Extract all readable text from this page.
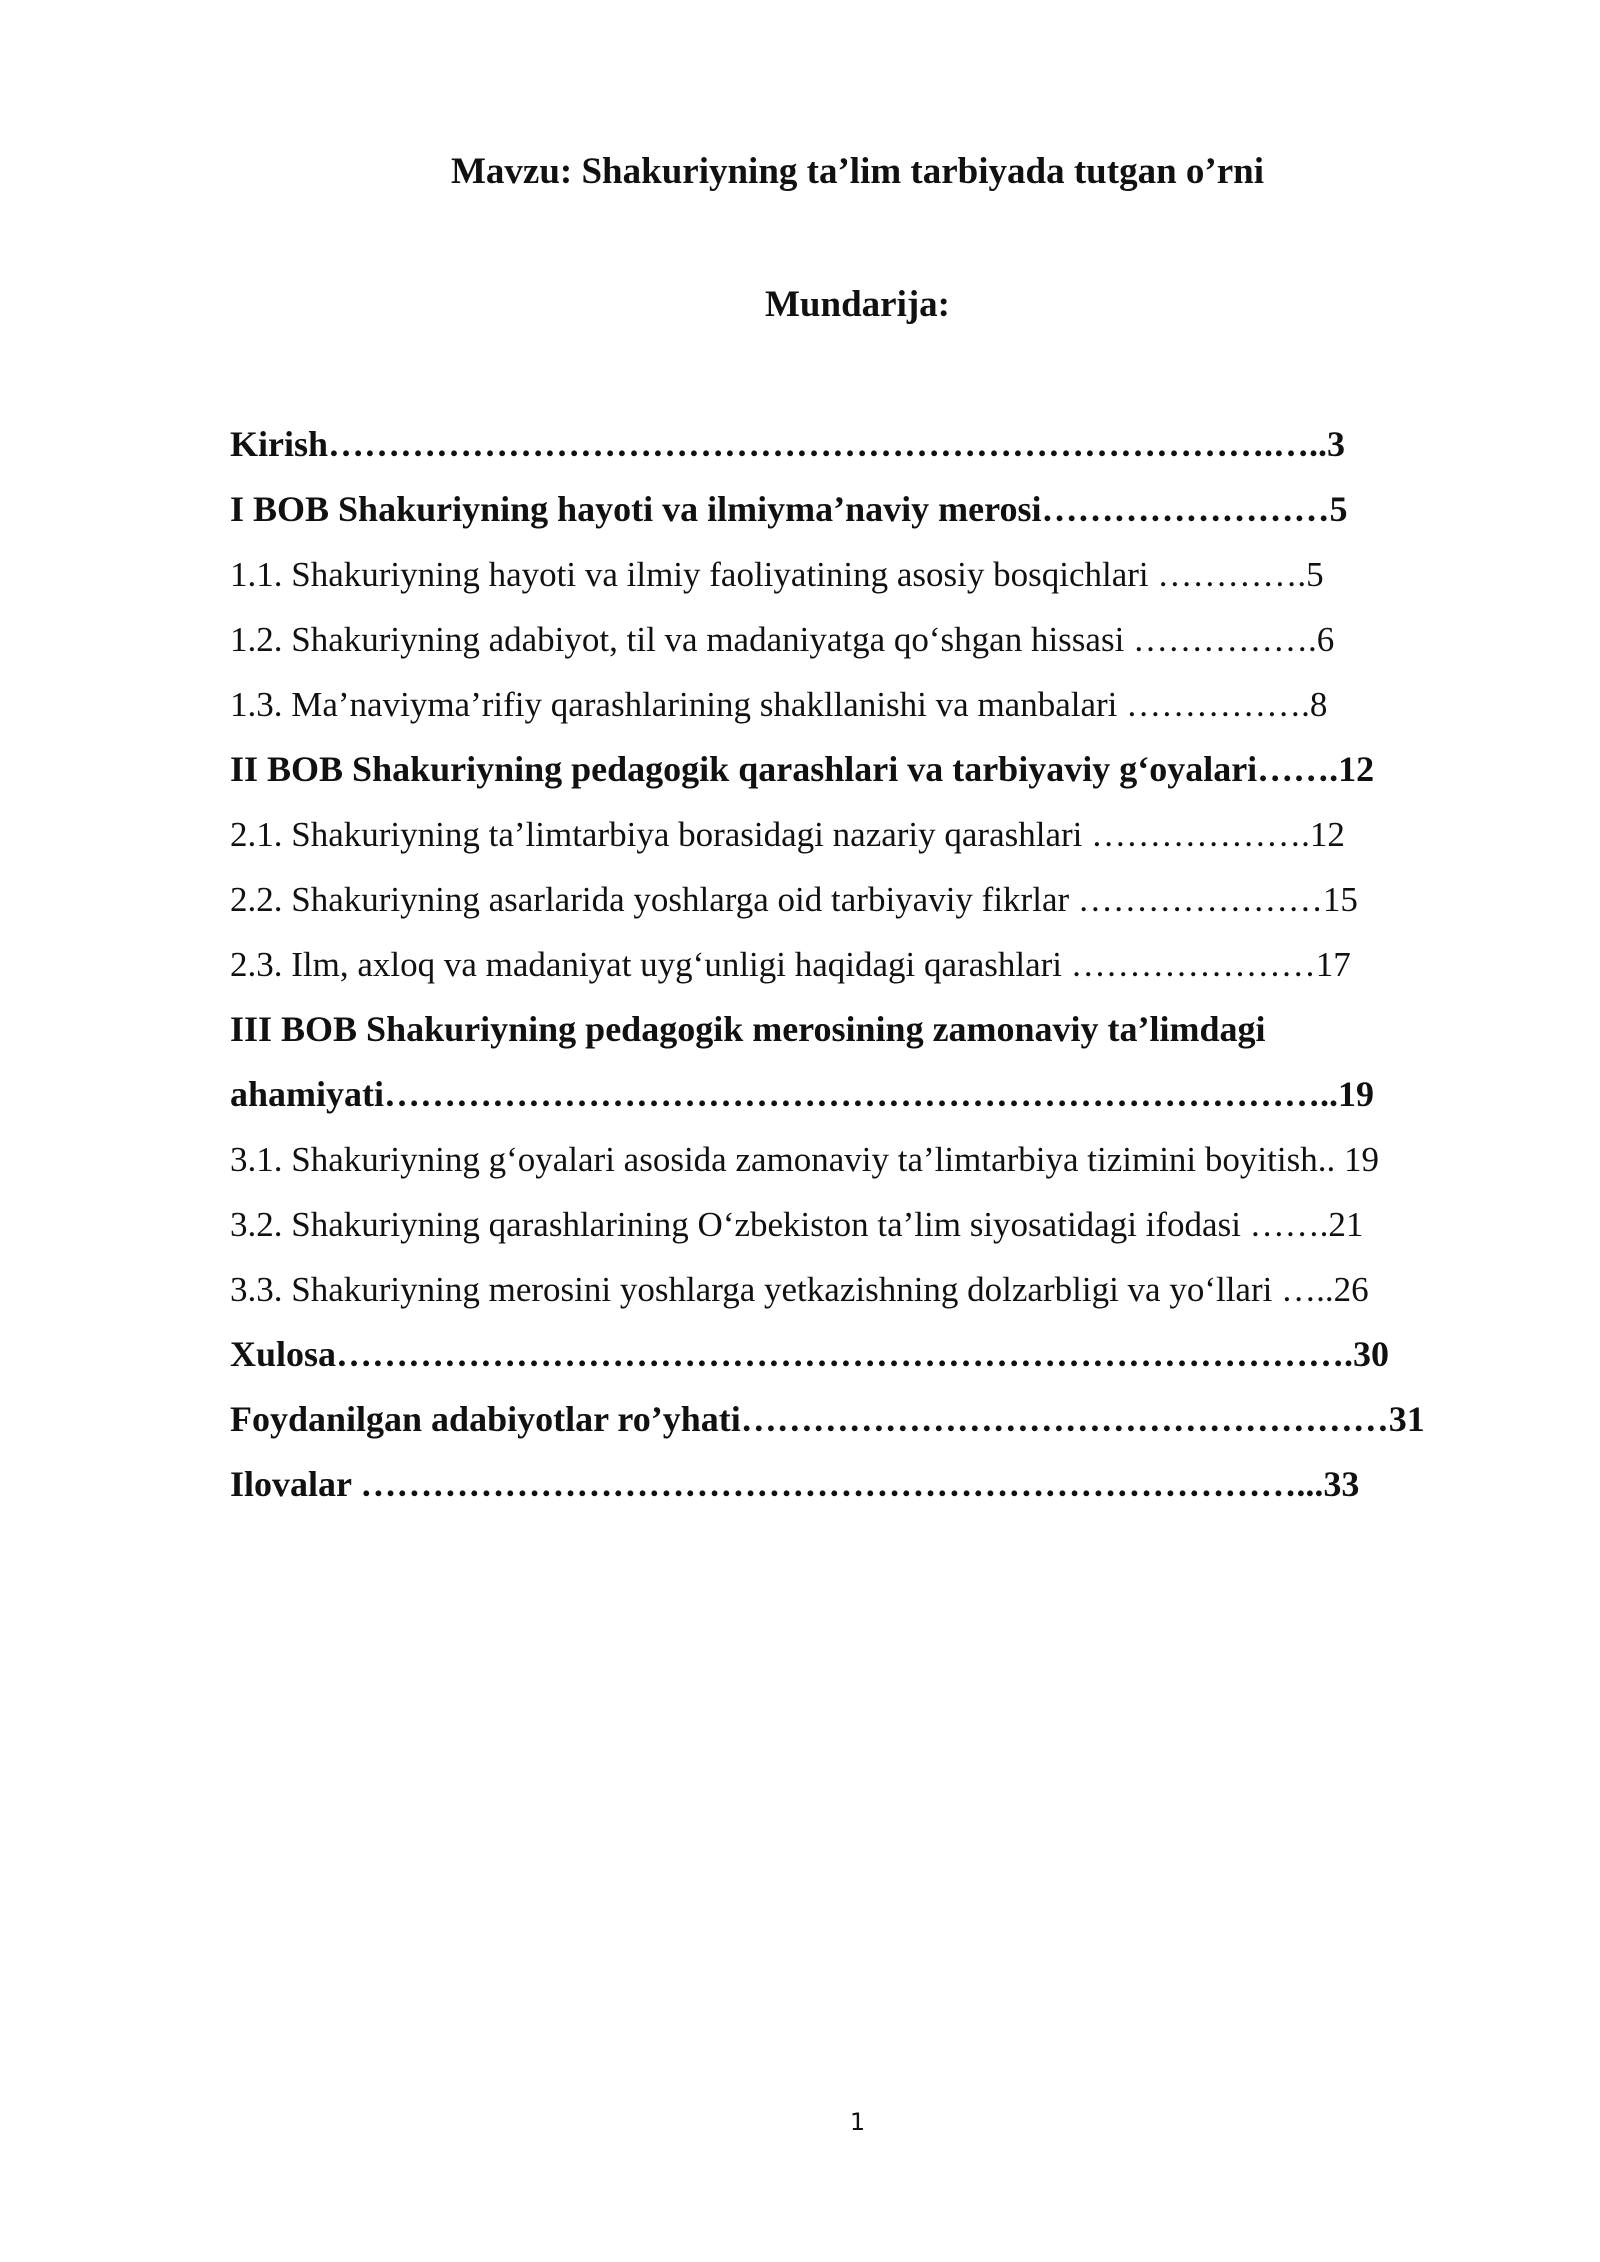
Mavzu: Shakuriyning ta’lim tarbiyada tutgan o’rni
Mundarija:
Kirish…………………………………………………………………….…..3
I BOB Shakuriyning hayoti va ilmiyma’naviy merosi……………………5
1.1. Shakuriyning hayoti va ilmiy faoliyatining asosiy bosqichlari ………….5
1.2. Shakuriyning adabiyot, til va madaniyatga qo‘shgan hissasi …………….6
1.3. Ma’naviyma’rifiy qarashlarining shakllanishi va manbalari …………….8
II BOB Shakuriyning pedagogik qarashlari va tarbiyaviy g‘oyalari…….12
2.1. Shakuriyning ta’limtarbiya borasidagi nazariy qarashlari ……………….12
2.2. Shakuriyning asarlarida yoshlarga oid tarbiyaviy fikrlar …………………15
2.3. Ilm, axloq va madaniyat uyg‘unligi haqidagi qarashlari …………………17
III BOB Shakuriyning pedagogik merosining zamonaviy ta’limdagi
ahamiyati……………………………………………………………………..19
3.1. Shakuriyning g‘oyalari asosida zamonaviy ta’limtarbiya tizimini boyitish.. 19
3.2. Shakuriyning qarashlarining O‘zbekiston ta’lim siyosatidagi ifodasi …….21
3.3. Shakuriyning merosini yoshlarga yetkazishning dolzarbligi va yo‘llari …..26
Xulosa………………………………………………………………………….30
Foydanilgan adabiyotlar ro’yhati………………………………………………31
Ilovalar ……………………………………………………………………...33
1
